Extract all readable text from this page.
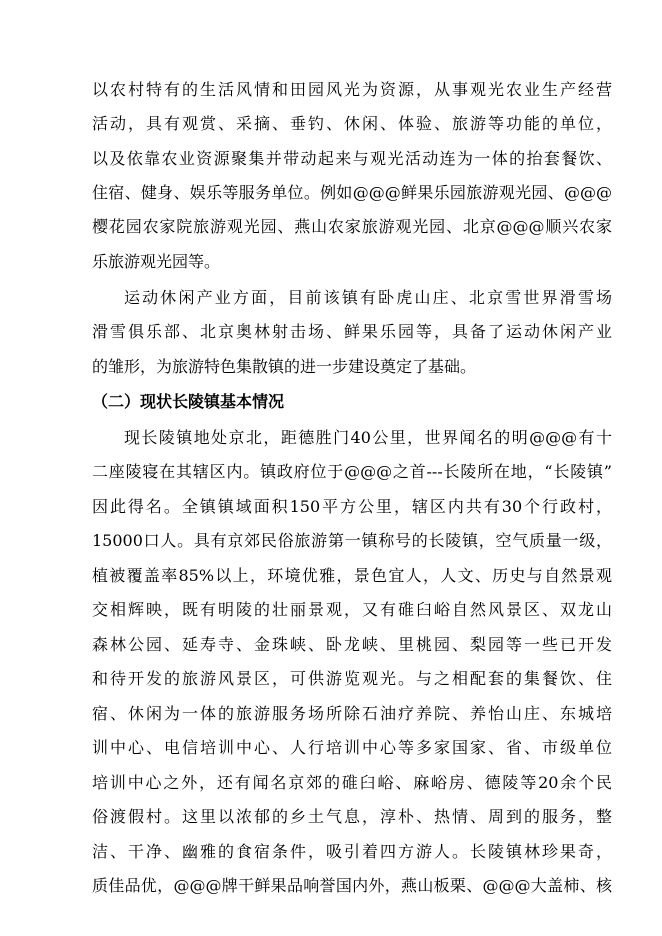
以农村特有的生活风情和田园风光为资源，从事观光农业生产经营
活动，具有观赏、采摘、垂钓、休闲、体验、旅游等功能的单位，
以及依靠农业资源聚集并带动起来与观光活动连为一体的抬套餐饮、
住宿、健身、娱乐等服务单位。例如@@@鲜果乐园旅游观光园、@@@
樱花园农家院旅游观光园、燕山农家旅游观光园、北京@@@顺兴农家
乐旅游观光园等。
运动休闲产业方面，目前该镇有卧虎山庄、北京雪世界滑雪场
滑雪俱乐部、北京奥林射击场、鲜果乐园等，具备了运动休闲产业
的雏形，为旅游特色集散镇的进一步建设奠定了基础。
（二）现状长陵镇基本情况
现长陵镇地处京北，距德胜门40公里，世界闻名的明@@@有十
二座陵寝在其辖区内。镇政府位于@@@之首---长陵所在地，“长陵镇”
因此得名。全镇镇域面积150平方公里，辖区内共有30个行政村，
15000口人。具有京郊民俗旅游第一镇称号的长陵镇，空气质量一级，
植被覆盖率85%以上，环境优雅，景色宜人，人文、历史与自然景观
交相辉映，既有明陵的壮丽景观，又有碓臼峪自然风景区、双龙山
森林公园、延寿寺、金珠峡、卧龙峡、里桃园、梨园等一些已开发
和待开发的旅游风景区，可供游览观光。与之相配套的集餐饮、住
宿、休闲为一体的旅游服务场所除石油疗养院、养怡山庄、东城培
训中心、电信培训中心、人行培训中心等多家国家、省、市级单位
培训中心之外，还有闻名京郊的碓臼峪、麻峪房、德陵等20余个民
俗渡假村。这里以浓郁的乡土气息，淳朴、热情、周到的服务，整
洁、干净、幽雅的食宿条件，吸引着四方游人。长陵镇林珍果奇，
质佳品优，@@@牌干鲜果品响誉国内外，燕山板栗、@@@大盖柿、核
